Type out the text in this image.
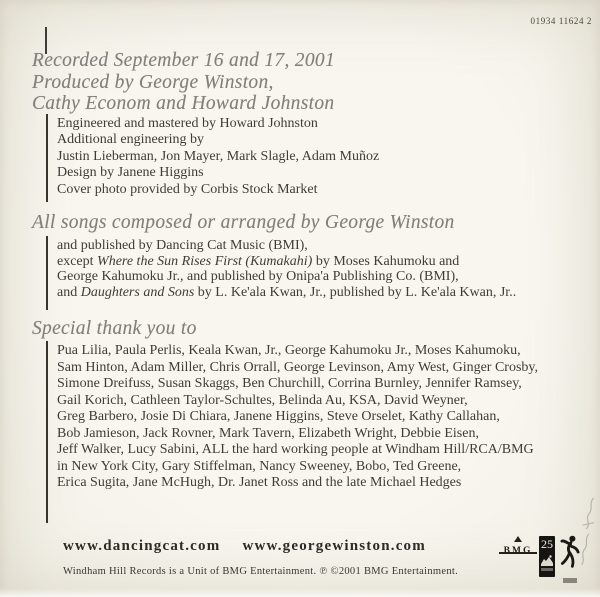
01934 11624 2
Recorded September 16 and 17, 2001
Produced by George Winston,
Cathy Econom and Howard Johnston
Engineered and mastered by Howard Johnston
Additional engineering by
Justin Lieberman, Jon Mayer, Mark Slagle, Adam Muñoz
Design by Janene Higgins
Cover photo provided by Corbis Stock Market
All songs composed or arranged by George Winston
and published by Dancing Cat Music (BMI),
except Where the Sun Rises First (Kumakahi) by Moses Kahumoku and
George Kahumoku Jr., and published by Onipa'a Publishing Co. (BMI),
and Daughters and Sons by L. Ke'ala Kwan, Jr., published by L. Ke'ala Kwan, Jr..
Special thank you to
Pua Lilia, Paula Perlis, Keala Kwan, Jr., George Kahumoku Jr., Moses Kahumoku,
Sam Hinton, Adam Miller, Chris Orrall, George Levinson, Amy West, Ginger Crosby,
Simone Dreifuss, Susan Skaggs, Ben Churchill, Corrina Burnley, Jennifer Ramsey,
Gail Korich, Cathleen Taylor-Schultes, Belinda Au, KSA, David Weyner,
Greg Barbero, Josie Di Chiara, Janene Higgins, Steve Orselet, Kathy Callahan,
Bob Jamieson, Jack Rovner, Mark Tavern, Elizabeth Wright, Debbie Eisen,
Jeff Walker, Lucy Sabini, ALL the hard working people at Windham Hill/RCA/BMG
in New York City, Gary Stiffelman, Nancy Sweeney, Bobo, Ted Greene,
Erica Sugita, Jane McHugh, Dr. Janet Ross and the late Michael Hedges
www.dancingcat.com www.georgewinston.com
Windham Hill Records is a Unit of BMG Entertainment. ℗ ©2001 BMG Entertainment.
BMG 25
